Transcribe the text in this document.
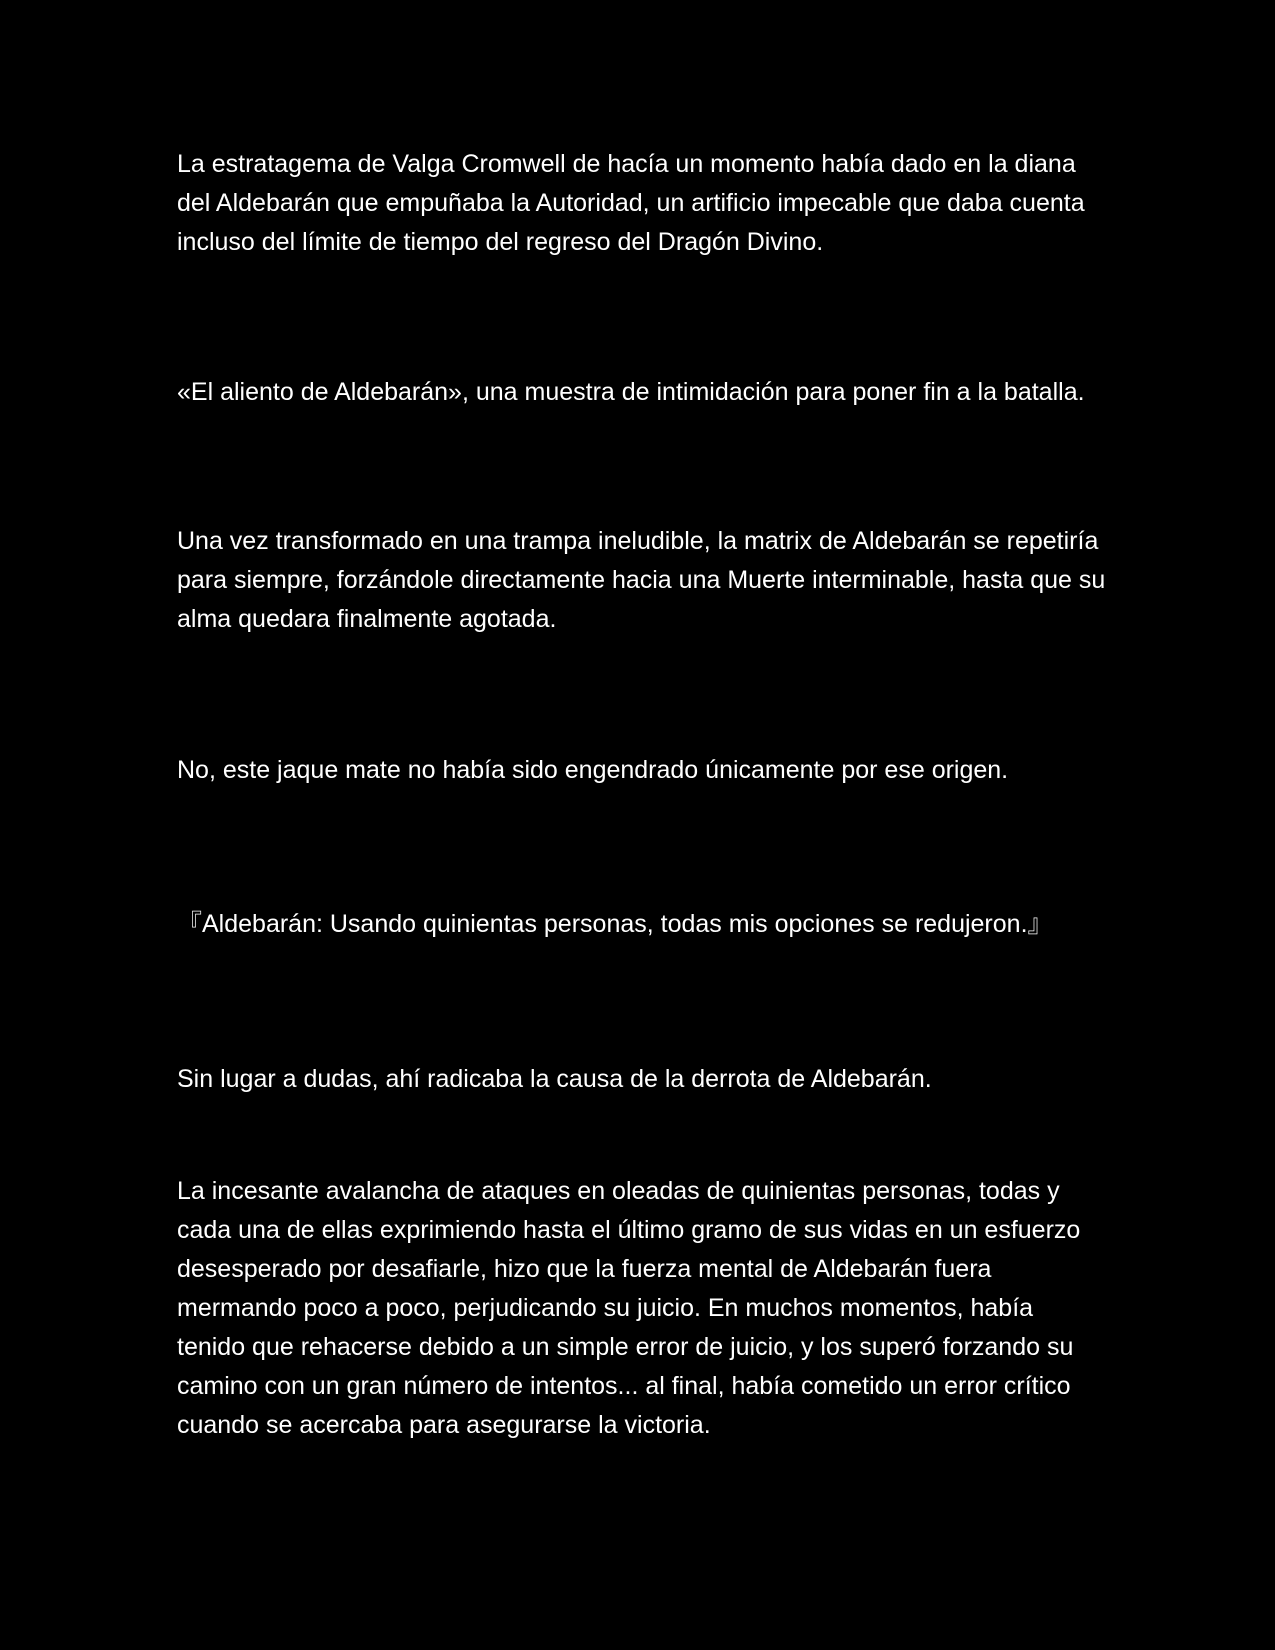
La estratagema de Valga Cromwell de hacía un momento había dado en la diana del Aldebarán que empuñaba la Autoridad, un artificio impecable que daba cuenta incluso del límite de tiempo del regreso del Dragón Divino.

«El aliento de Aldebarán», una muestra de intimidación para poner fin a la batalla.

Una vez transformado en una trampa ineludible, la matrix de Aldebarán se repetiría para siempre, forzándole directamente hacia una Muerte interminable, hasta que su alma quedara finalmente agotada.

No, este jaque mate no había sido engendrado únicamente por ese origen.

『Aldebarán: Usando quinientas personas, todas mis opciones se redujeron.』

Sin lugar a dudas, ahí radicaba la causa de la derrota de Aldebarán.

La incesante avalancha de ataques en oleadas de quinientas personas, todas y cada una de ellas exprimiendo hasta el último gramo de sus vidas en un esfuerzo desesperado por desafiarle, hizo que la fuerza mental de Aldebarán fuera mermando poco a poco, perjudicando su juicio. En muchos momentos, había tenido que rehacerse debido a un simple error de juicio, y los superó forzando su camino con un gran número de intentos... al final, había cometido un error crítico cuando se acercaba para asegurarse la victoria.
